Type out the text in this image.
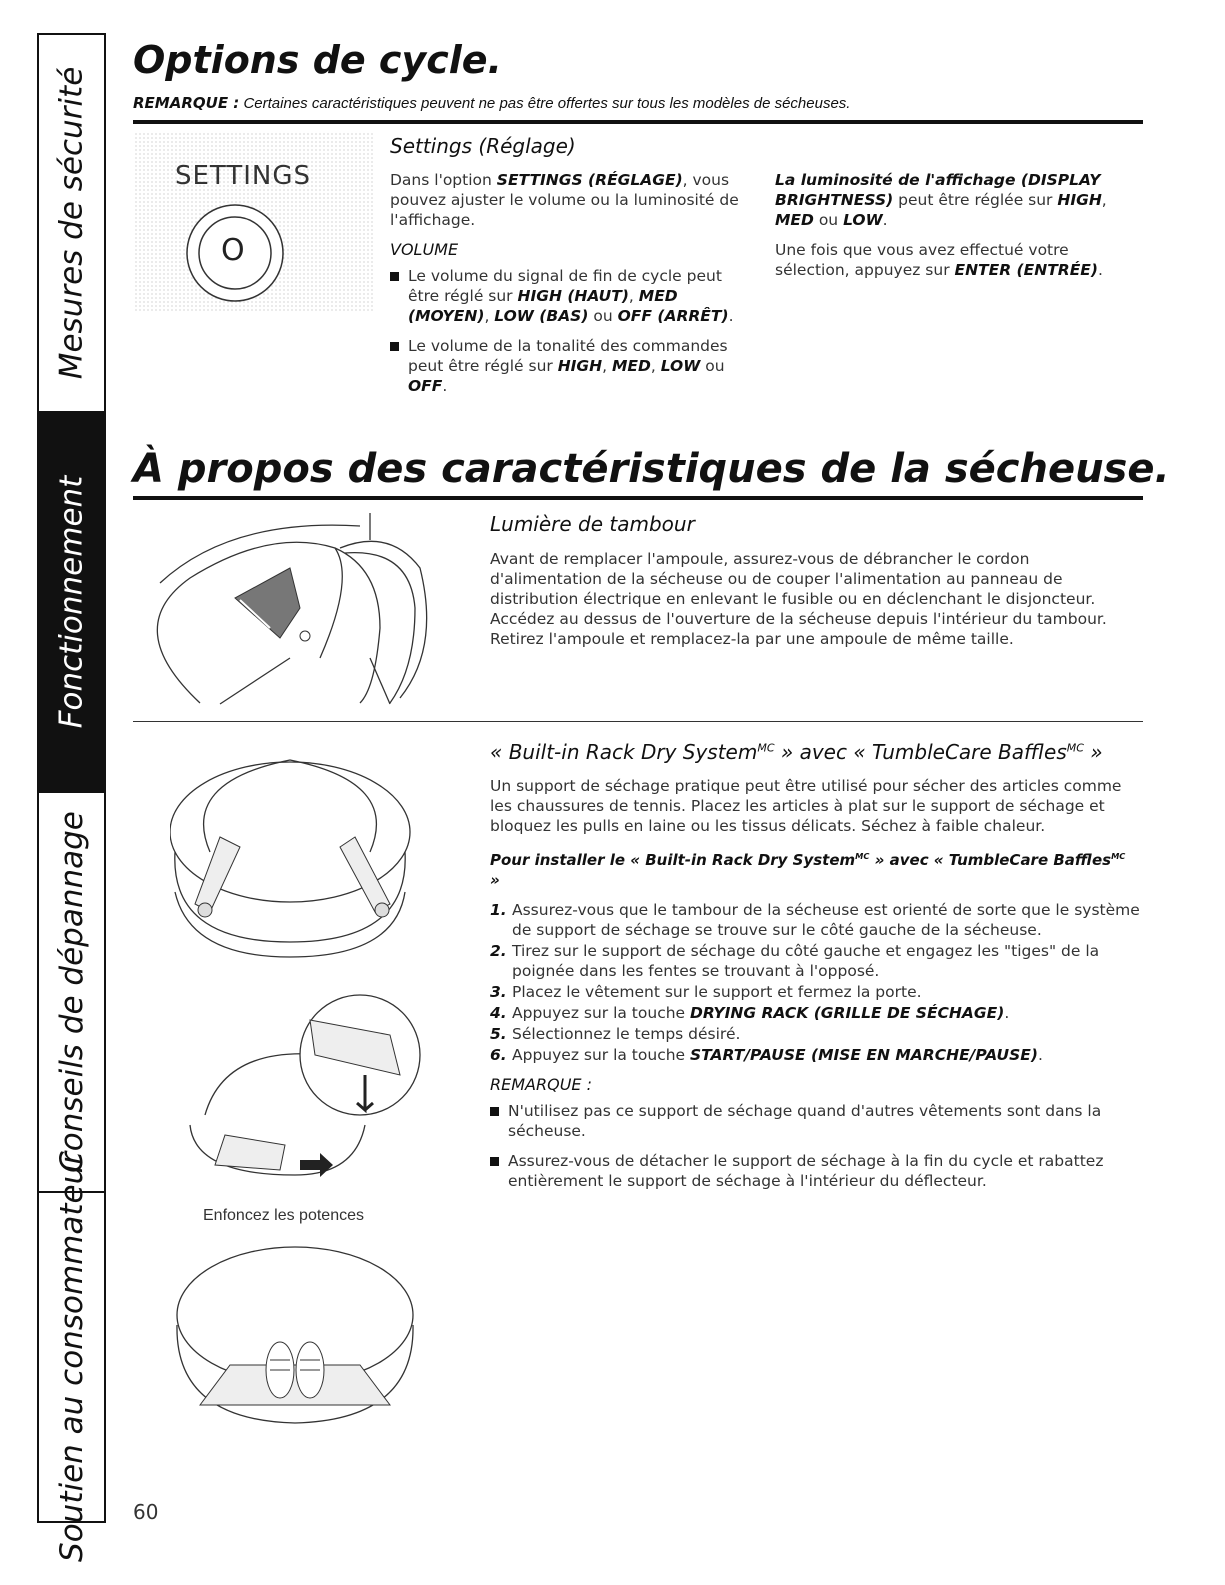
Mesures de sécurité
Fonctionnement
Conseils de dépannage
Soutien au consommateur
Options de cycle.
REMARQUE : Certaines caractéristiques peuvent ne pas être offertes sur tous les modèles de sécheuses.
SETTINGS
O
Settings (Réglage)

Dans l'option SETTINGS (RÉGLAGE), vous pouvez ajuster le volume ou la luminosité de l'affichage.

VOLUME
Le volume du signal de fin de cycle peut être réglé sur HIGH (HAUT), MED (MOYEN), LOW (BAS) ou OFF (ARRÊT).
Le volume de la tonalité des commandes peut être réglé sur HIGH, MED, LOW ou OFF.

La luminosité de l'affichage (DISPLAY BRIGHTNESS) peut être réglée sur HIGH, MED ou LOW.

Une fois que vous avez effectué votre sélection, appuyez sur ENTER (ENTRÉE).

À propos des caractéristiques de la sécheuse.
Lumière de tambour

Avant de remplacer l'ampoule, assurez-vous de débrancher le cordon d'alimentation de la sécheuse ou de couper l'alimentation au panneau de distribution électrique en enlevant le fusible ou en déclenchant le disjoncteur. Accédez au dessus de l'ouverture de la sécheuse depuis l'intérieur du tambour. Retirez l'ampoule et remplacez-la par une ampoule de même taille.

Enfoncez les potences
« Built-in Rack Dry System$^{MC}$ » avec « TumbleCare Baffles$^{MC}$ »

Un support de séchage pratique peut être utilisé pour sécher des articles comme les chaussures de tennis. Placez les articles à plat sur le support de séchage et bloquez les pulls en laine ou les tissus délicats. Séchez à faible chaleur.

Pour installer le « Built-in Rack Dry System$^{MC}$ » avec « TumbleCare Baffles$^{MC}$ »

1. Assurez-vous que le tambour de la sécheuse est orienté de sorte que le système de support de séchage se trouve sur le côté gauche de la sécheuse.
2. Tirez sur le support de séchage du côté gauche et engagez les "tiges" de la poignée dans les fentes se trouvant à l'opposé.
3. Placez le vêtement sur le support et fermez la porte.
4. Appuyez sur la touche DRYING RACK (GRILLE DE SÉCHAGE).
5. Sélectionnez le temps désiré.
6. Appuyez sur la touche START/PAUSE (MISE EN MARCHE/PAUSE).
REMARQUE :
N'utilisez pas ce support de séchage quand d'autres vêtements sont dans la sécheuse.
Assurez-vous de détacher le support de séchage à la fin du cycle et rabattez entièrement le support de séchage à l'intérieur du déflecteur.
60
